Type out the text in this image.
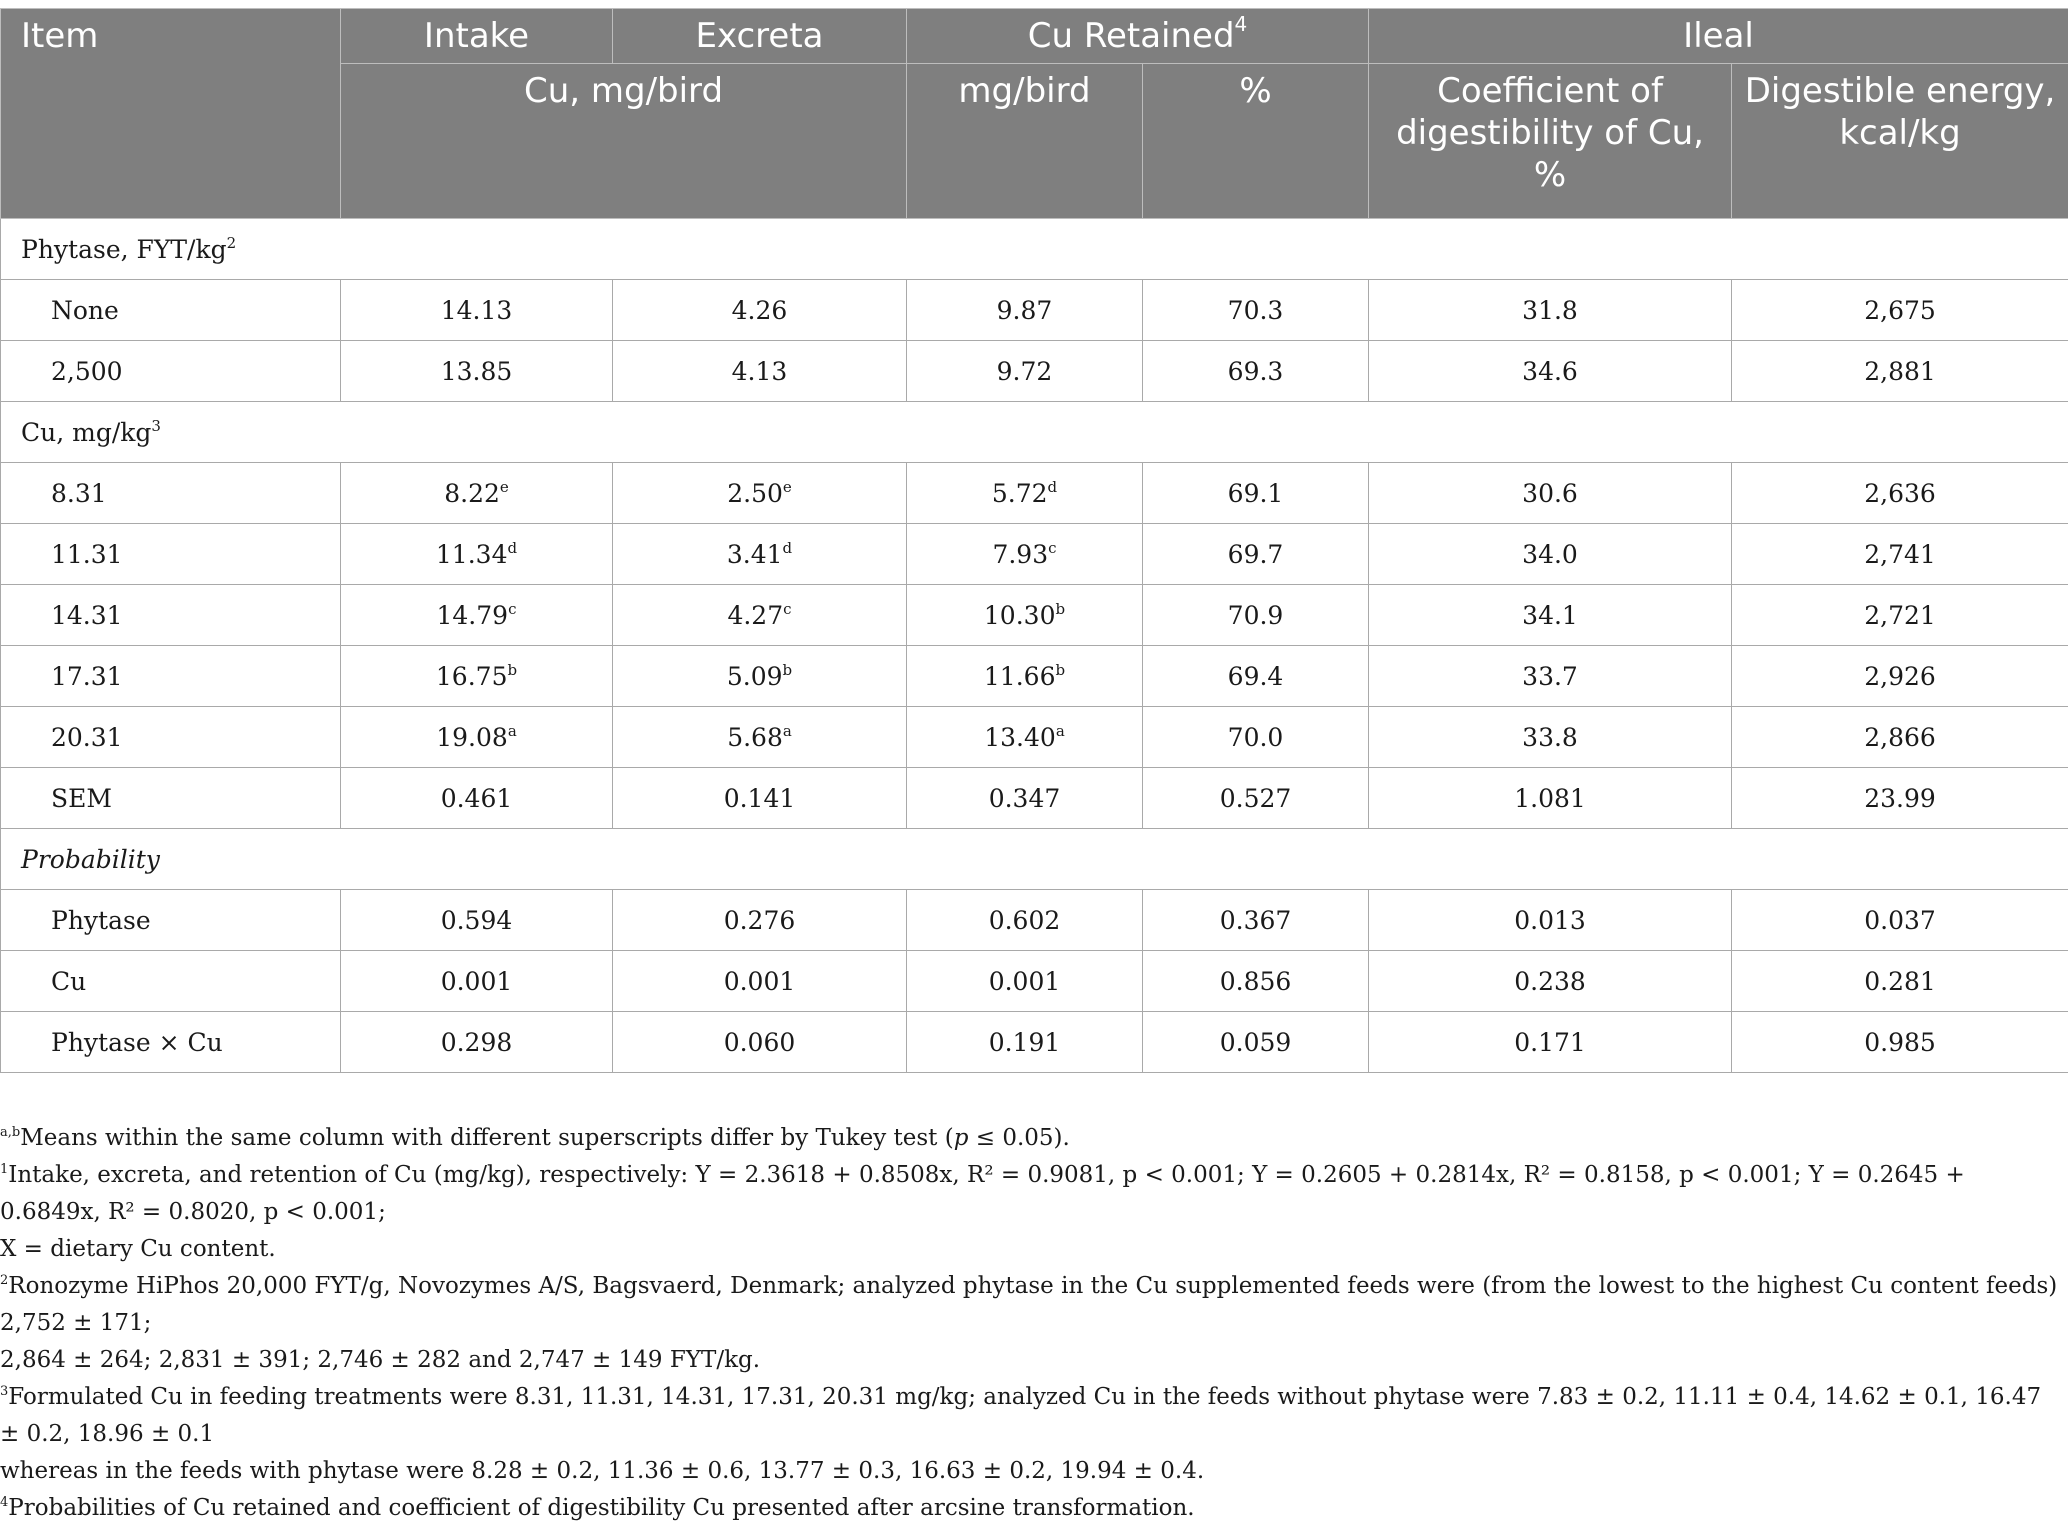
Item	Intake	Excreta	Cu Retained$^4$		Ileal	
	Cu, mg/bird		mg/bird	%	Coefficient of digestibility of Cu, %	Digestible energy, kcal/kg
Phytase, FYT/$kg^2$
None	14.13	4.26	9.87	70.3	31.8	2,675
2,500	13.85	4.13	9.72	69.3	34.6	2,881
Cu, $mg/kg^3$
8.31	8.22e	2.50e	5.72$^d$	69.1	30.6	2,636
11.31	11.34$^d$	3.41$^d$	7.93$^c$	69.7	34.0	2,741
14.31	14.79$^c$	4.27$^c$	10.30$^b$	70.9	34.1	2,721
17.31	16.75$^b$	5.09$^b$	11.66$^b$	69.4	33.7	2,926
20.31	19.08$^a$	5.68$^a$	13.40$^a$	70.0	33.8	2,866
SEM	0.461	0.141	0.347	0.527	1.081	23.99
Probability						
Phytase	0.594	0.276	0.602	0.367	0.013	0.037
Cu	0.001	0.001	0.001	0.856	0.238	0.281
Phytase × Cu	0.298	0.060	0.191	0.059	0.171	0.985

$^{a,b}$Means within the same column with different superscripts differ by Tukey test (p ≤ 0.05).

$^1$Intake, excreta, and retention of Cu (mg/kg), respectively: Y = 2.3618 + 0.8508x, R² = 0.9081, p < 0.001; Y = 0.2605 + 0.2814x, R² = 0.8158, p < 0.001; Y = 0.2645 + 0.6849x, R² = 0.8020, p < 0.001;
X = dietary Cu content.

$^2$Ronozyme HiPhos 20,000 FYT/g, Novozymes A/S, Bagsvaerd, Denmark; analyzed phytase in the Cu supplemented feeds were (from the lowest to the highest Cu content feeds) 2,752 ± 171;
2,864 ± 264; 2,831 ± 391; 2,746 ± 282 and 2,747 ± 149 FYT/kg.

$^3$Formulated Cu in feeding treatments were 8.31, 11.31, 14.31, 17.31, 20.31 mg/kg; analyzed Cu in the feeds without phytase were 7.83 ± 0.2, 11.11 ± 0.4, 14.62 ± 0.1, 16.47 ± 0.2, 18.96 ± 0.1
whereas in the feeds with phytase were 8.28 ± 0.2, 11.36 ± 0.6, 13.77 ± 0.3, 16.63 ± 0.2, 19.94 ± 0.4.

$^4$Probabilities of Cu retained and coefficient of digestibility Cu presented after arcsine transformation.
